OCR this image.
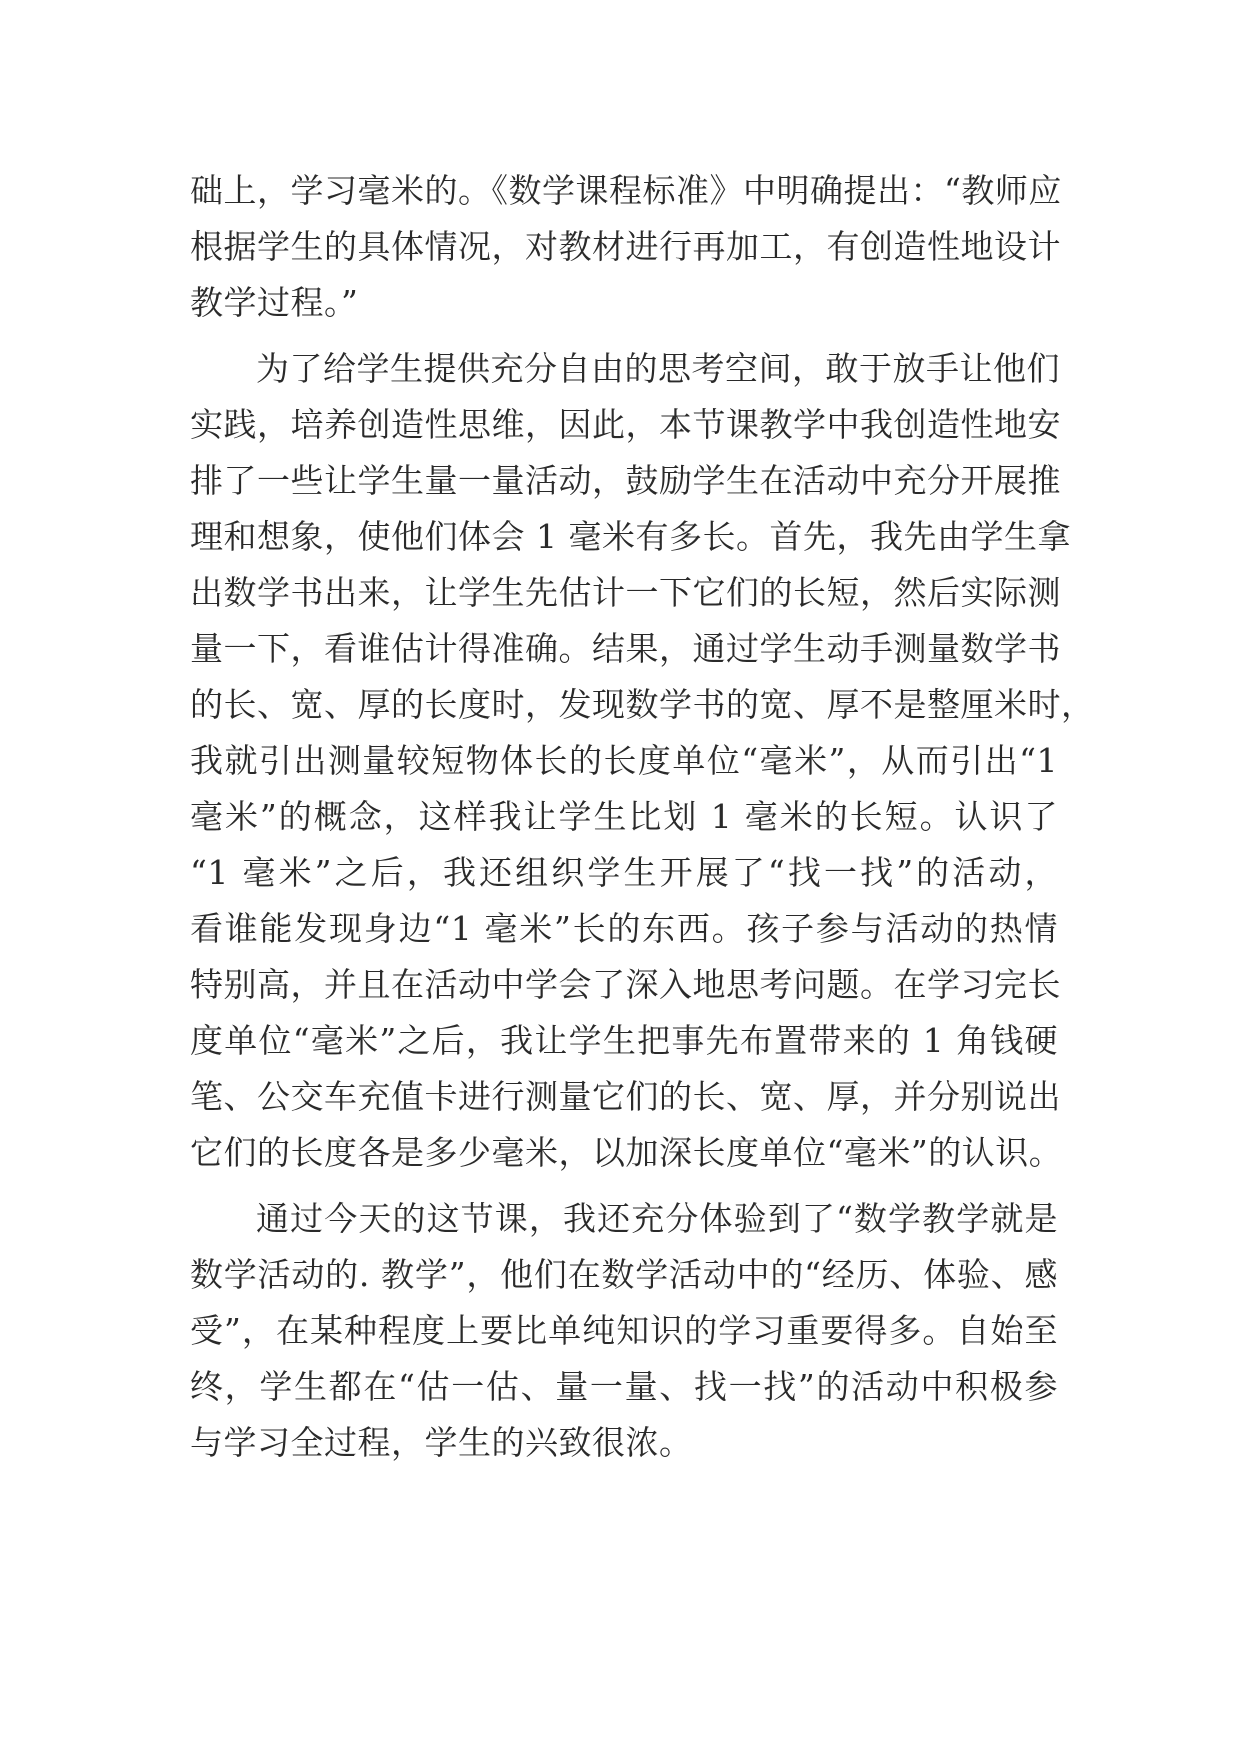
础上，学习毫米的。《数学课程标准》中明确提出：“教师应
根据学生的具体情况，对教材进行再加工，有创造性地设计
教学过程。”
为了给学生提供充分自由的思考空间，敢于放手让他们
实践，培养创造性思维，因此，本节课教学中我创造性地安
排了一些让学生量一量活动，鼓励学生在活动中充分开展推
理和想象，使他们体会 1 毫米有多长。首先，我先由学生拿
出数学书出来，让学生先估计一下它们的长短，然后实际测
量一下，看谁估计得准确。结果，通过学生动手测量数学书
的长、宽、厚的长度时，发现数学书的宽、厚不是整厘米时，
我就引出测量较短物体长的长度单位“毫米”，从而引出“1
毫米”的概念，这样我让学生比划 1 毫米的长短。认识了
“1 毫米”之后，我还组织学生开展了“找一找”的活动，
看谁能发现身边“1 毫米”长的东西。孩子参与活动的热情
特别高，并且在活动中学会了深入地思考问题。在学习完长
度单位“毫米”之后，我让学生把事先布置带来的 1 角钱硬
笔、公交车充值卡进行测量它们的长、宽、厚，并分别说出
它们的长度各是多少毫米，以加深长度单位“毫米”的认识。
通过今天的这节课，我还充分体验到了“数学教学就是
数学活动的. 教学”，他们在数学活动中的“经历、体验、感
受”，在某种程度上要比单纯知识的学习重要得多。自始至
终，学生都在“估一估、量一量、找一找”的活动中积极参
与学习全过程，学生的兴致很浓。
